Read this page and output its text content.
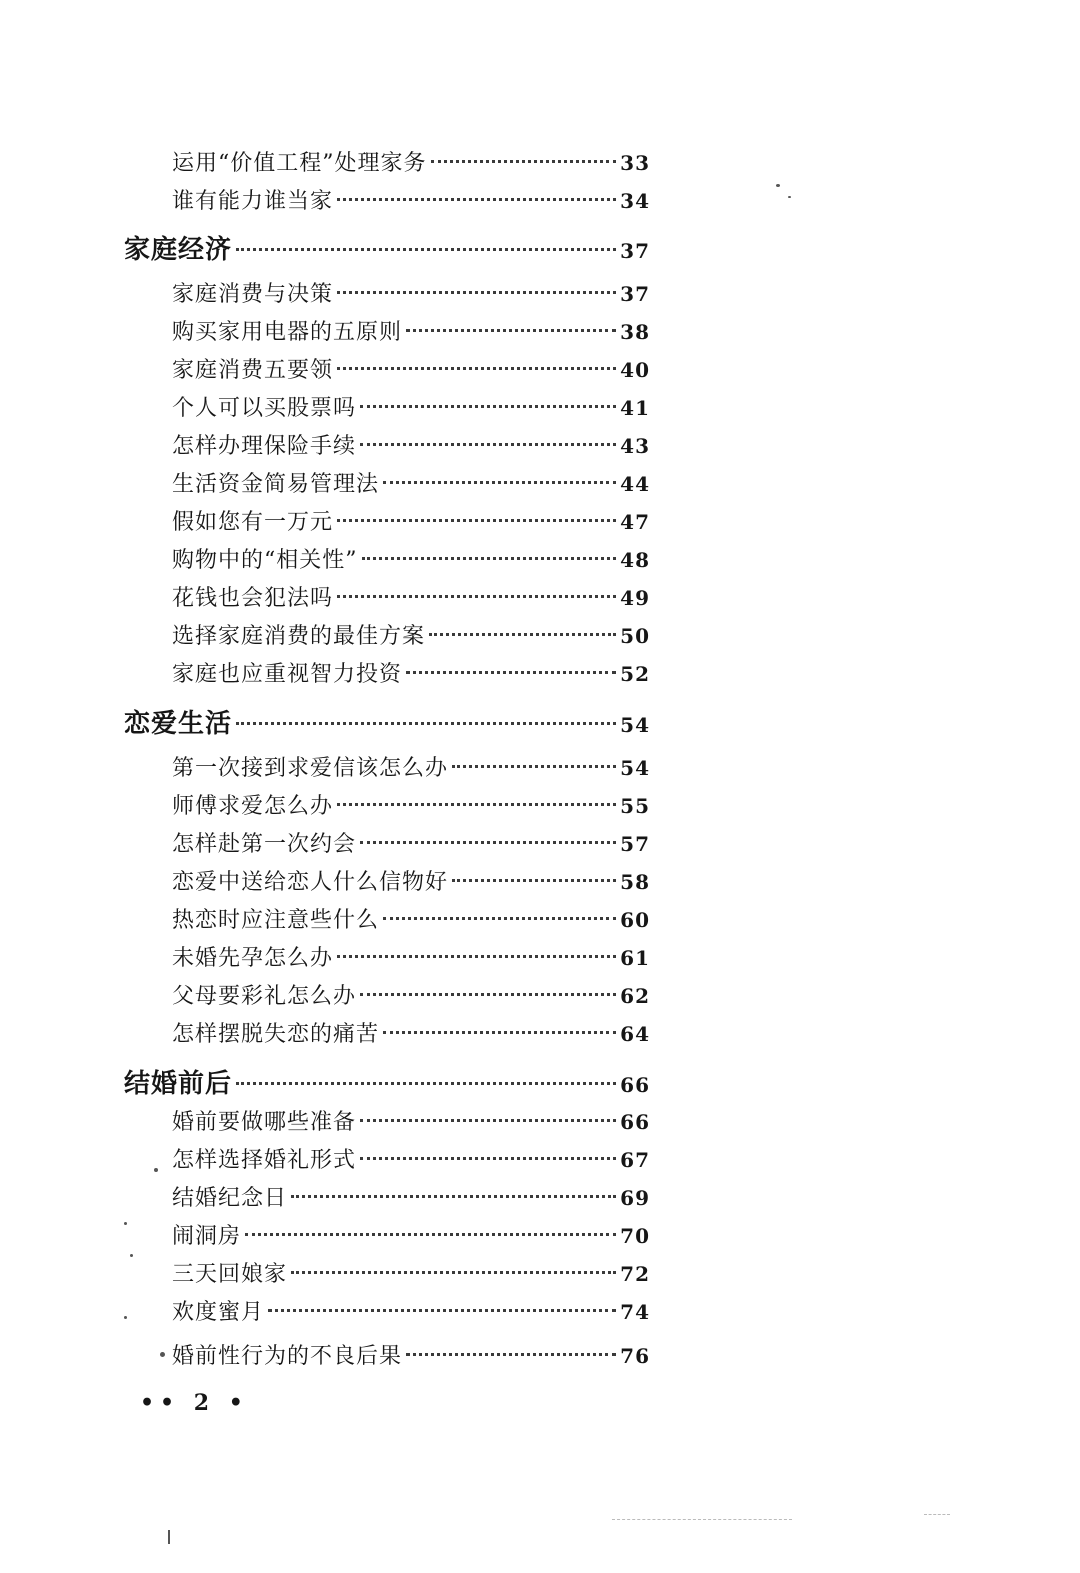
运用“价值工程”处理家务	33
谁有能力谁当家	34
家庭经济	37
家庭消费与决策	37
购买家用电器的五原则	38
家庭消费五要领	40
个人可以买股票吗	41
怎样办理保险手续	43
生活资金简易管理法	44
假如您有一万元	47
购物中的“相关性”	48
花钱也会犯法吗	49
选择家庭消费的最佳方案	50
家庭也应重视智力投资	52
恋爱生活	54
第一次接到求爱信该怎么办	54
师傅求爱怎么办	55
怎样赴第一次约会	57
恋爱中送给恋人什么信物好	58
热恋时应注意些什么	60
未婚先孕怎么办	61
父母要彩礼怎么办	62
怎样摆脱失恋的痛苦	64
结婚前后	66
婚前要做哪些准备	66
怎样选择婚礼形式	67
结婚纪念日	69
闹洞房	70
三天回娘家	72
欢度蜜月	74
婚前性行为的不良后果	76
•• 2 •
